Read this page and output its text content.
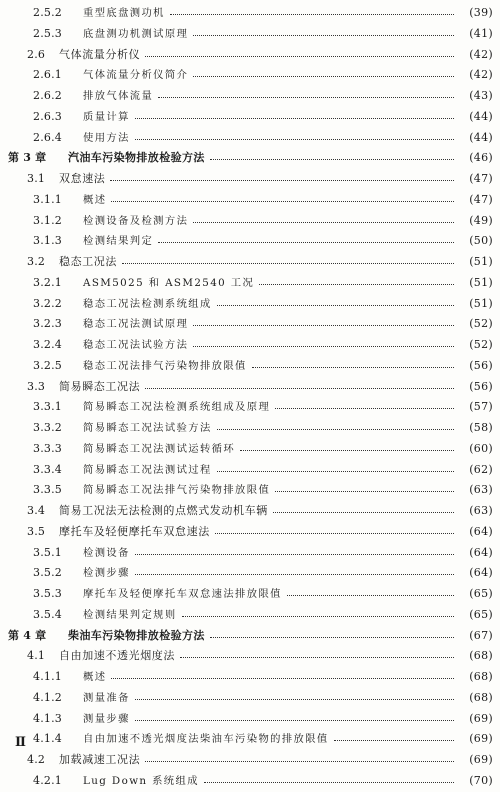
2.5.2 重型底盘测功机	(39)
2.5.3 底盘测功机测试原理	(41)
2.6 气体流量分析仪	(42)
2.6.1 气体流量分析仪简介	(42)
2.6.2 排放气体流量	(43)
2.6.3 质量计算	(44)
2.6.4 使用方法	(44)
第 3 章 汽油车污染物排放检验方法	(46)
3.1 双怠速法	(47)
3.1.1 概述	(47)
3.1.2 检测设备及检测方法	(49)
3.1.3 检测结果判定	(50)
3.2 稳态工况法	(51)
3.2.1 ASM5025 和 ASM2540 工况	(51)
3.2.2 稳态工况法检测系统组成	(51)
3.2.3 稳态工况法测试原理	(52)
3.2.4 稳态工况法试验方法	(52)
3.2.5 稳态工况法排气污染物排放限值	(56)
3.3 简易瞬态工况法	(56)
3.3.1 简易瞬态工况法检测系统组成及原理	(57)
3.3.2 简易瞬态工况法试验方法	(58)
3.3.3 简易瞬态工况法测试运转循环	(60)
3.3.4 简易瞬态工况法测试过程	(62)
3.3.5 简易瞬态工况法排气污染物排放限值	(63)
3.4 简易工况法无法检测的点燃式发动机车辆	(63)
3.5 摩托车及轻便摩托车双怠速法	(64)
3.5.1 检测设备	(64)
3.5.2 检测步骤	(64)
3.5.3 摩托车及轻便摩托车双怠速法排放限值	(65)
3.5.4 检测结果判定规则	(65)
第 4 章 柴油车污染物排放检验方法	(67)
4.1 自由加速不透光烟度法	(68)
4.1.1 概述	(68)
4.1.2 测量准备	(68)
4.1.3 测量步骤	(69)
4.1.4 自由加速不透光烟度法柴油车污染物的排放限值	(69)
4.2 加载减速工况法	(69)
4.2.1 Lug Down 系统组成	(70)
Ⅱ
